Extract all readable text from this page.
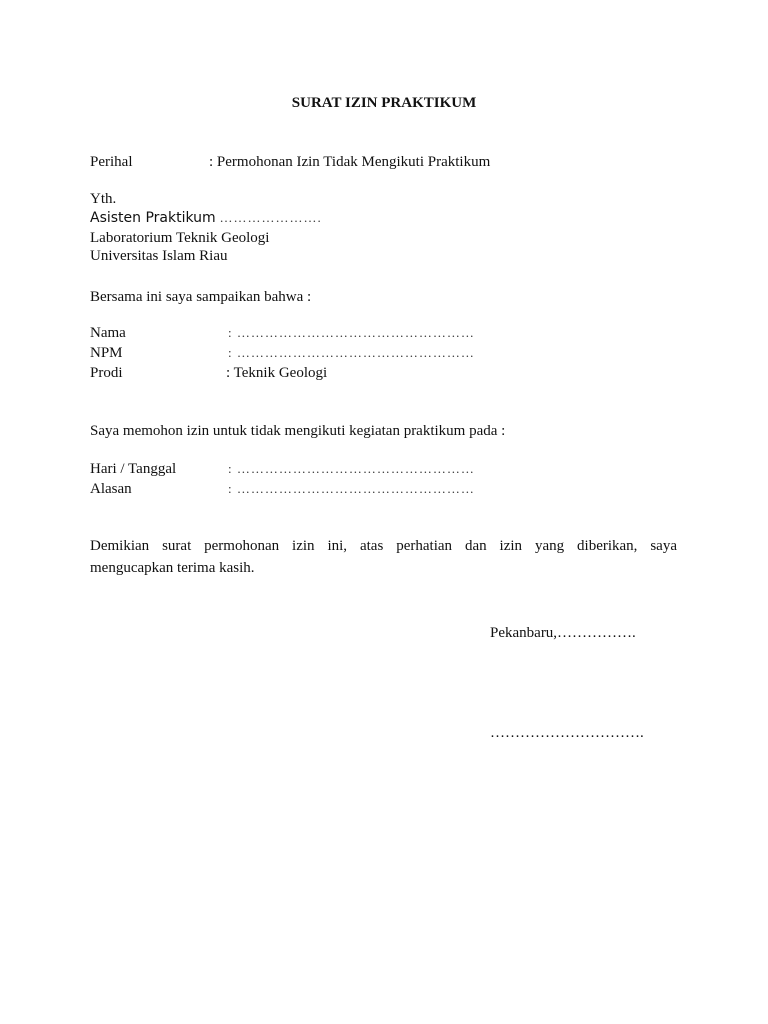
SURAT IZIN PRAKTIKUM
Perihal	: Permohonan Izin Tidak Mengikuti Praktikum
Yth.
Asisten Praktikum ………………….
Laboratorium Teknik Geologi
Universitas Islam Riau
Bersama ini saya sampaikan bahwa :
Nama	: ……………………………………………
NPM	: ……………………………………………
Prodi	: Teknik Geologi
Saya memohon izin untuk tidak mengikuti kegiatan praktikum pada :
Hari / Tanggal	: ……………………………………………
Alasan	: ……………………………………………
Demikian surat permohonan izin ini, atas perhatian dan izin yang diberikan, saya
mengucapkan terima kasih.
Pekanbaru,…………….
………………………….
